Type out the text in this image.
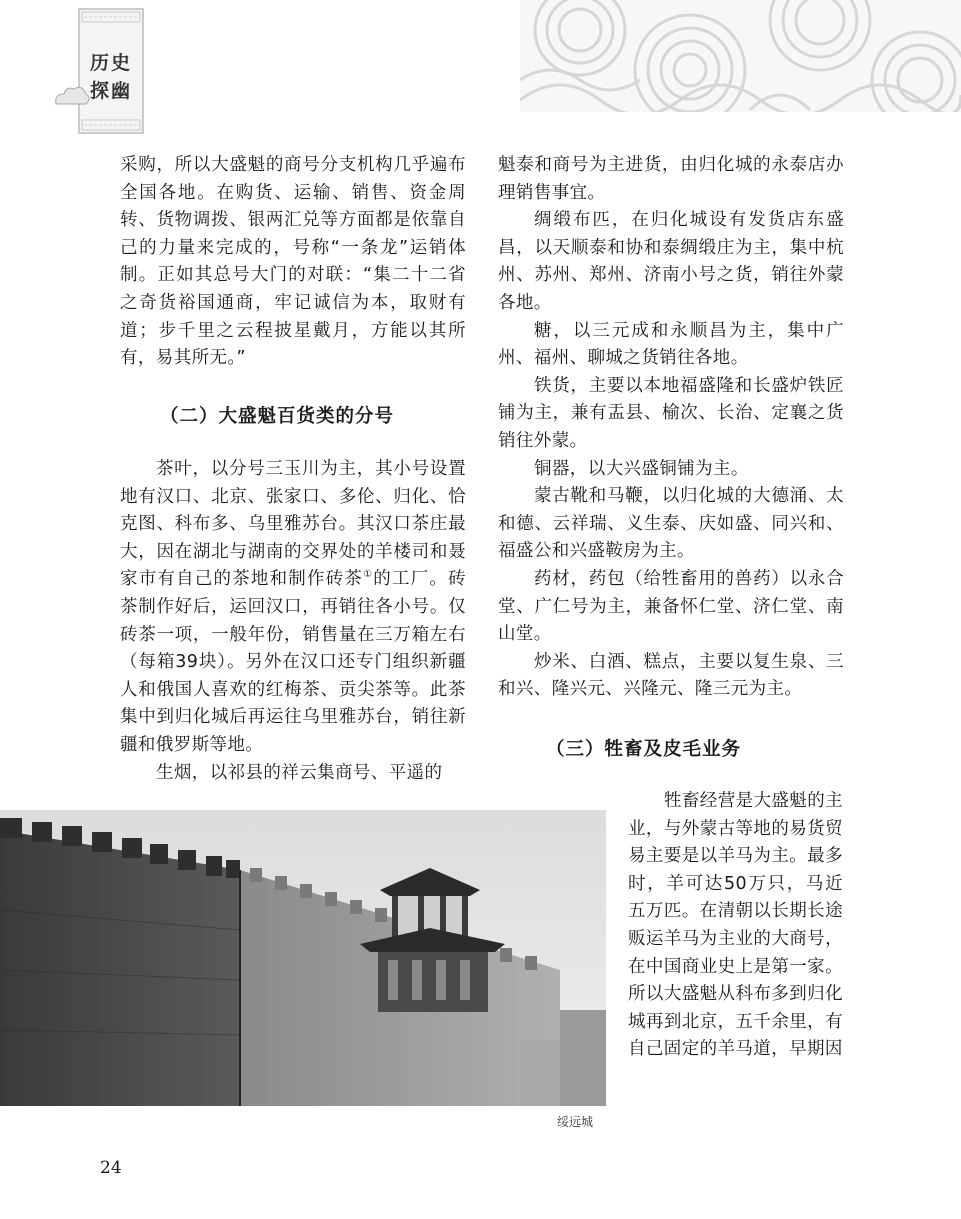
历史
探幽

采购，所以大盛魁的商号分支机构几乎遍布全国各地。在购货、运输、销售、资金周转、货物调拨、银两汇兑等方面都是依靠自己的力量来完成的，号称“一条龙”运销体制。正如其总号大门的对联：“集二十二省之奇货裕国通商，牢记诚信为本，取财有道；步千里之云程披星戴月，方能以其所有，易其所无。”

（二）大盛魁百货类的分号

茶叶，以分号三玉川为主，其小号设置地有汉口、北京、张家口、多伦、归化、恰克图、科布多、乌里雅苏台。其汉口茶庄最大，因在湖北与湖南的交界处的羊楼司和聂家市有自己的茶地和制作砖茶①的工厂。砖茶制作好后，运回汉口，再销往各小号。仅砖茶一项，一般年份，销售量在三万箱左右（每箱39块）。另外在汉口还专门组织新疆人和俄国人喜欢的红梅茶、贡尖茶等。此茶集中到归化城后再运往乌里雅苏台，销往新疆和俄罗斯等地。

生烟，以祁县的祥云集商号、平遥的

魁泰和商号为主进货，由归化城的永泰店办理销售事宜。

绸缎布匹，在归化城设有发货店东盛昌，以天顺泰和协和泰绸缎庄为主，集中杭州、苏州、郑州、济南小号之货，销往外蒙各地。

糖，以三元成和永顺昌为主，集中广州、福州、聊城之货销往各地。

铁货，主要以本地福盛隆和长盛炉铁匠铺为主，兼有盂县、榆次、长治、定襄之货销往外蒙。

铜器，以大兴盛铜铺为主。

蒙古靴和马鞭，以归化城的大德涌、太和德、云祥瑞、义生泰、庆如盛、同兴和、福盛公和兴盛鞍房为主。

药材，药包（给牲畜用的兽药）以永合堂、广仁号为主，兼备怀仁堂、济仁堂、南山堂。

炒米、白酒、糕点，主要以复生泉、三和兴、隆兴元、兴隆元、隆三元为主。

（三）牲畜及皮毛业务

牲畜经营是大盛魁的主业，与外蒙古等地的易货贸易主要是以羊马为主。最多时，羊可达50万只，马近五万匹。在清朝以长期长途贩运羊马为主业的大商号，在中国商业史上是第一家。所以大盛魁从科布多到归化城再到北京，五千余里，有自己固定的羊马道，早期因

绥远城
24
